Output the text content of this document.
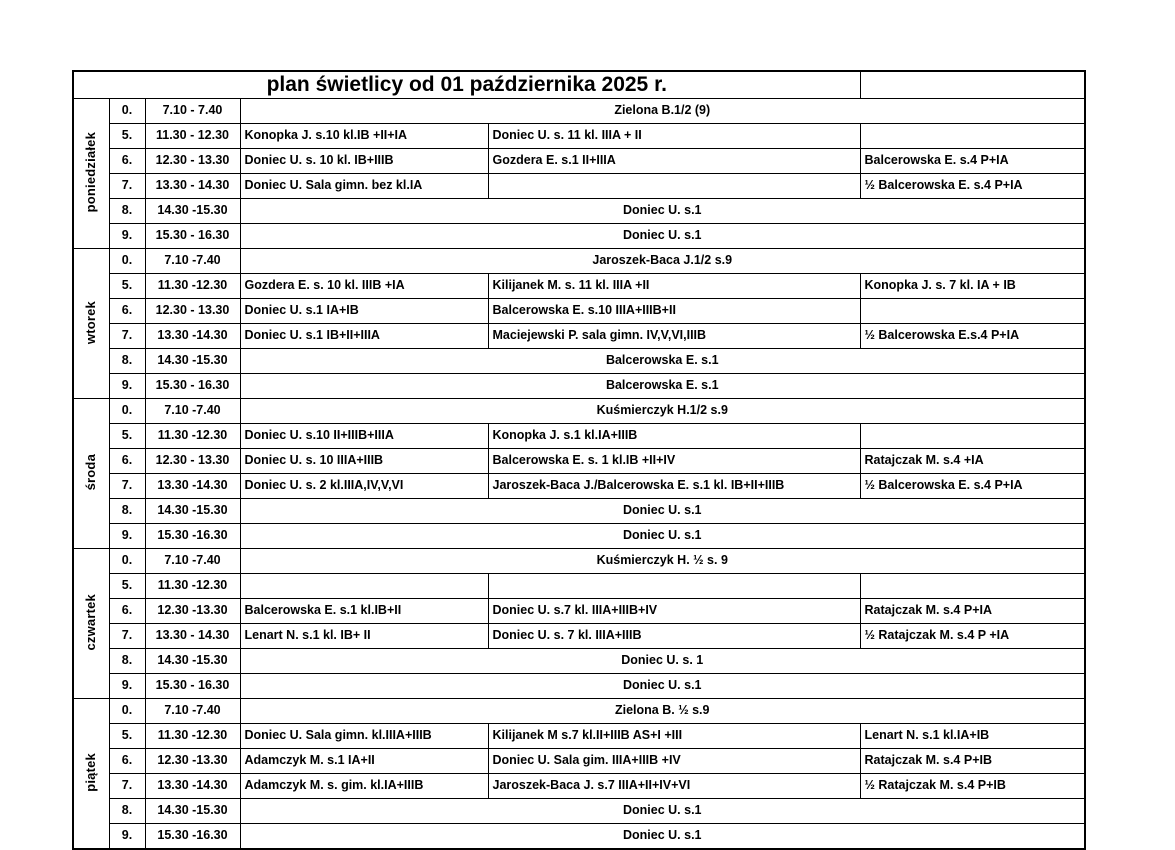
plan świetlicy od 01 października 2025 r.					
poniedziałek	0.	7.10 - 7.40	Zielona B.1/2 (9)		
	5.	11.30 - 12.30	Konopka J. s.10 kl.IB +II+IA	Doniec U. s. 11 kl. IIIA + II	
	6.	12.30 - 13.30	Doniec U. s. 10 kl. IB+IIIB	Gozdera E. s.1 II+IIIA	Balcerowska E. s.4 P+IA
	7.	13.30 - 14.30	Doniec U. Sala gimn. bez kl.IA		½ Balcerowska E. s.4 P+IA
	8.	14.30 -15.30	Doniec U. s.1		
	9.	15.30 - 16.30	Doniec U. s.1		
wtorek	0.	7.10 -7.40	Jaroszek-Baca J.1/2 s.9		
	5.	11.30 -12.30	Gozdera E. s. 10 kl. IIIB +IA	Kilijanek M. s. 11 kl. IIIA +II	Konopka J. s. 7 kl. IA + IB
	6.	12.30 - 13.30	Doniec U. s.1 IA+IB	Balcerowska E. s.10 IIIA+IIIB+II	
	7.	13.30 -14.30	Doniec U. s.1 IB+II+IIIA	Maciejewski P. sala gimn. IV,V,VI,IIIB	½ Balcerowska E.s.4 P+IA
	8.	14.30 -15.30	Balcerowska E. s.1		
	9.	15.30 - 16.30	Balcerowska E. s.1		
środa	0.	7.10 -7.40	Kuśmierczyk H.1/2 s.9		
	5.	11.30 -12.30	Doniec U. s.10 II+IIIB+IIIA	Konopka J. s.1 kl.IA+IIIB	
	6.	12.30 - 13.30	Doniec U. s. 10 IIIA+IIIB	Balcerowska E. s. 1 kl.IB +II+IV	Ratajczak M. s.4 +IA
	7.	13.30 -14.30	Doniec U. s. 2 kl.IIIA,IV,V,VI	Jaroszek-Baca J./Balcerowska E. s.1 kl. IB+II+IIIB	½ Balcerowska E. s.4 P+IA
	8.	14.30 -15.30	Doniec U. s.1		
	9.	15.30 -16.30	Doniec U. s.1		
czwartek	0.	7.10 -7.40	Kuśmierczyk H. ½ s. 9		
	5.	11.30 -12.30			
	6.	12.30 -13.30	Balcerowska E. s.1 kl.IB+II	Doniec U. s.7 kl. IIIA+IIIB+IV	Ratajczak M. s.4 P+IA
	7.	13.30 - 14.30	Lenart N. s.1 kl. IB+ II	Doniec U. s. 7 kl. IIIA+IIIB	½ Ratajczak M. s.4 P +IA
	8.	14.30 -15.30	Doniec U. s. 1		
	9.	15.30 - 16.30	Doniec U. s.1		
piątek	0.	7.10 -7.40	Zielona B. ½ s.9		
	5.	11.30 -12.30	Doniec U. Sala gimn. kl.IIIA+IIIB	Kilijanek M s.7 kl.II+IIIB AS+I +III	Lenart N. s.1 kl.IA+IB
	6.	12.30 -13.30	Adamczyk M. s.1 IA+II	Doniec U. Sala gim. IIIA+IIIB +IV	Ratajczak M. s.4 P+IB
	7.	13.30 -14.30	Adamczyk M. s. gim. kl.IA+IIIB	Jaroszek-Baca J. s.7 IIIA+II+IV+VI	½ Ratajczak M. s.4 P+IB
	8.	14.30 -15.30	Doniec U. s.1		
	9.	15.30 -16.30	Doniec U. s.1		
